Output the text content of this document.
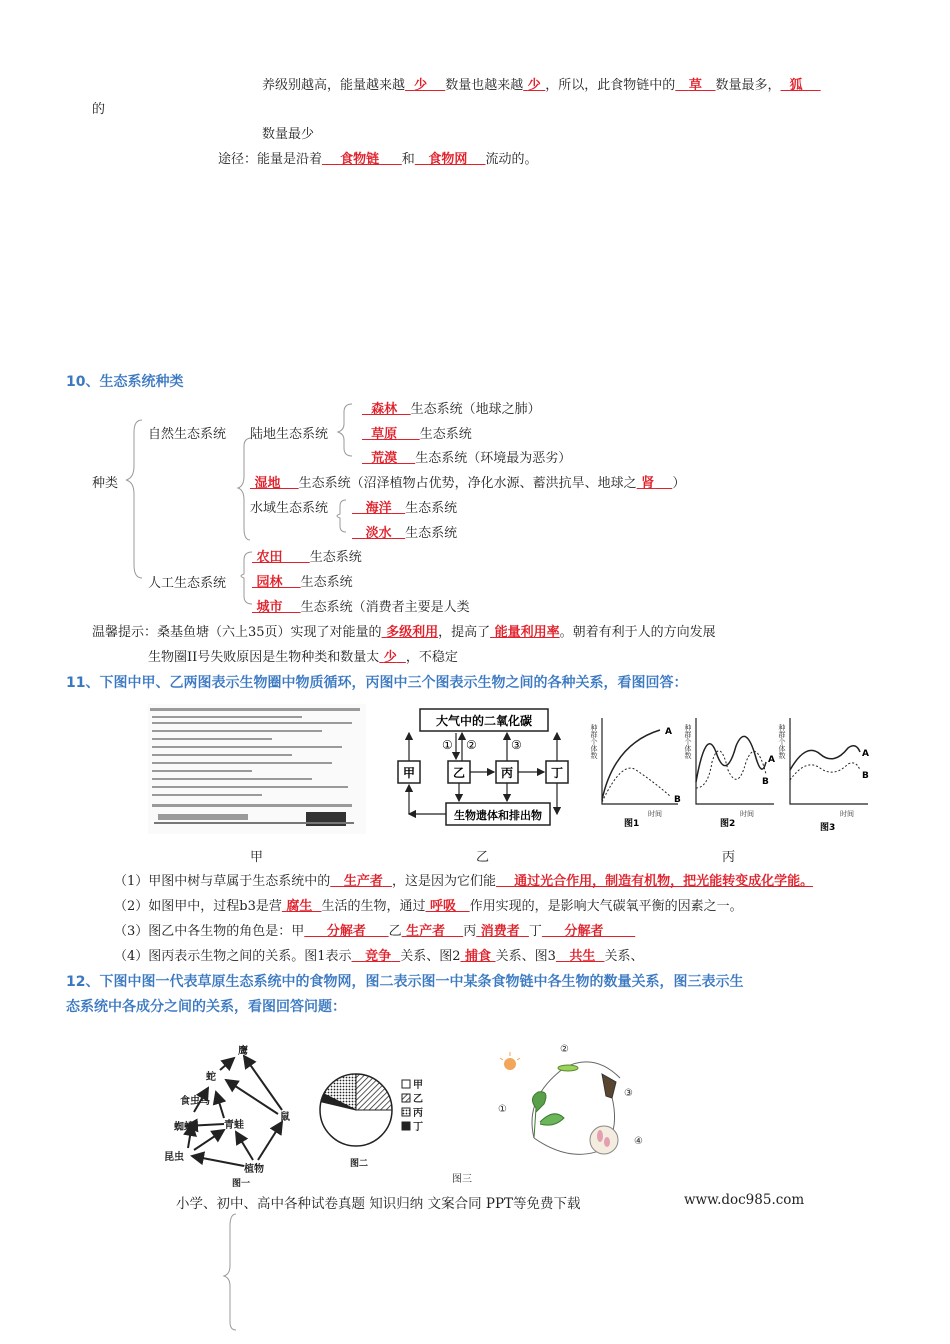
养级别越高，能量越来越 少 数量也越来越 少 ，所以，此食物链中的 草 数量最多， 狐
的
数量最少
途径：能量是沿着 食物链 和 食物网 流动的。
10、生态系统种类
种类
自然生态系统 陆地生态系统
水域生态系统
人工生态系统
森林 生态系统（地球之肺）
草原 生态系统
荒漠 生态系统（环境最为恶劣）
湿地 生态系统（沼泽植物占优势，净化水源、蓄洪抗旱、地球之 肾 ）
海洋 生态系统
淡水 生态系统
农田 生态系统
园林 生态系统
城市 生态系统（消费者主要是人类
温馨提示：桑基鱼塘（六上35页）实现了对能量的 多级利用，提高了 能量利用率。朝着有利于人的方向发展
生物圈II号失败原因是生物种类和数量太 少 ，不稳定
11、下图中甲、乙两图表示生物圈中物质循环，丙图中三个图表示生物之间的各种关系，看图回答：
大气中的二氧化碳
甲	乙	丙	丁
生物遗体和排出物
① ②	③
A
B
A
B
A
B
种群个体数	种群个体数	种群个体数
时间	时间	时间
图1	图2	图3
甲	乙	丙
（1）甲图中树与草属于生态系统中的 生产者 ，这是因为它们能 通过光合作用，制造有机物，把光能转变成化学能。
（2）如图甲中，过程b3是营 腐生 生活的生物，通过 呼吸 作用实现的，是影响大气碳氧平衡的因素之一。
（3）图乙中各生物的角色是：甲 分解者 乙 生产者 丙 消费者 丁 分解者
（4）图丙表示生物之间的关系。图1表示 竞争 关系、图2 捕食 关系、图3 共生 关系、
12、下图中图一代表草原生态系统中的食物网，图二表示图一中某条食物链中各生物的数量关系，图三表示生
态系统中各成分之间的关系，看图回答问题：
鹰
蛇
食虫鸟
蜘蛛	青蛙
鼠
昆虫
植物
图一
甲
乙
丙
丁
图二
①
②
③
④
图三
小学、初中、高中各种试卷真题 知识归纳 文案合同 PPT等免费下载	www.doc985.com
